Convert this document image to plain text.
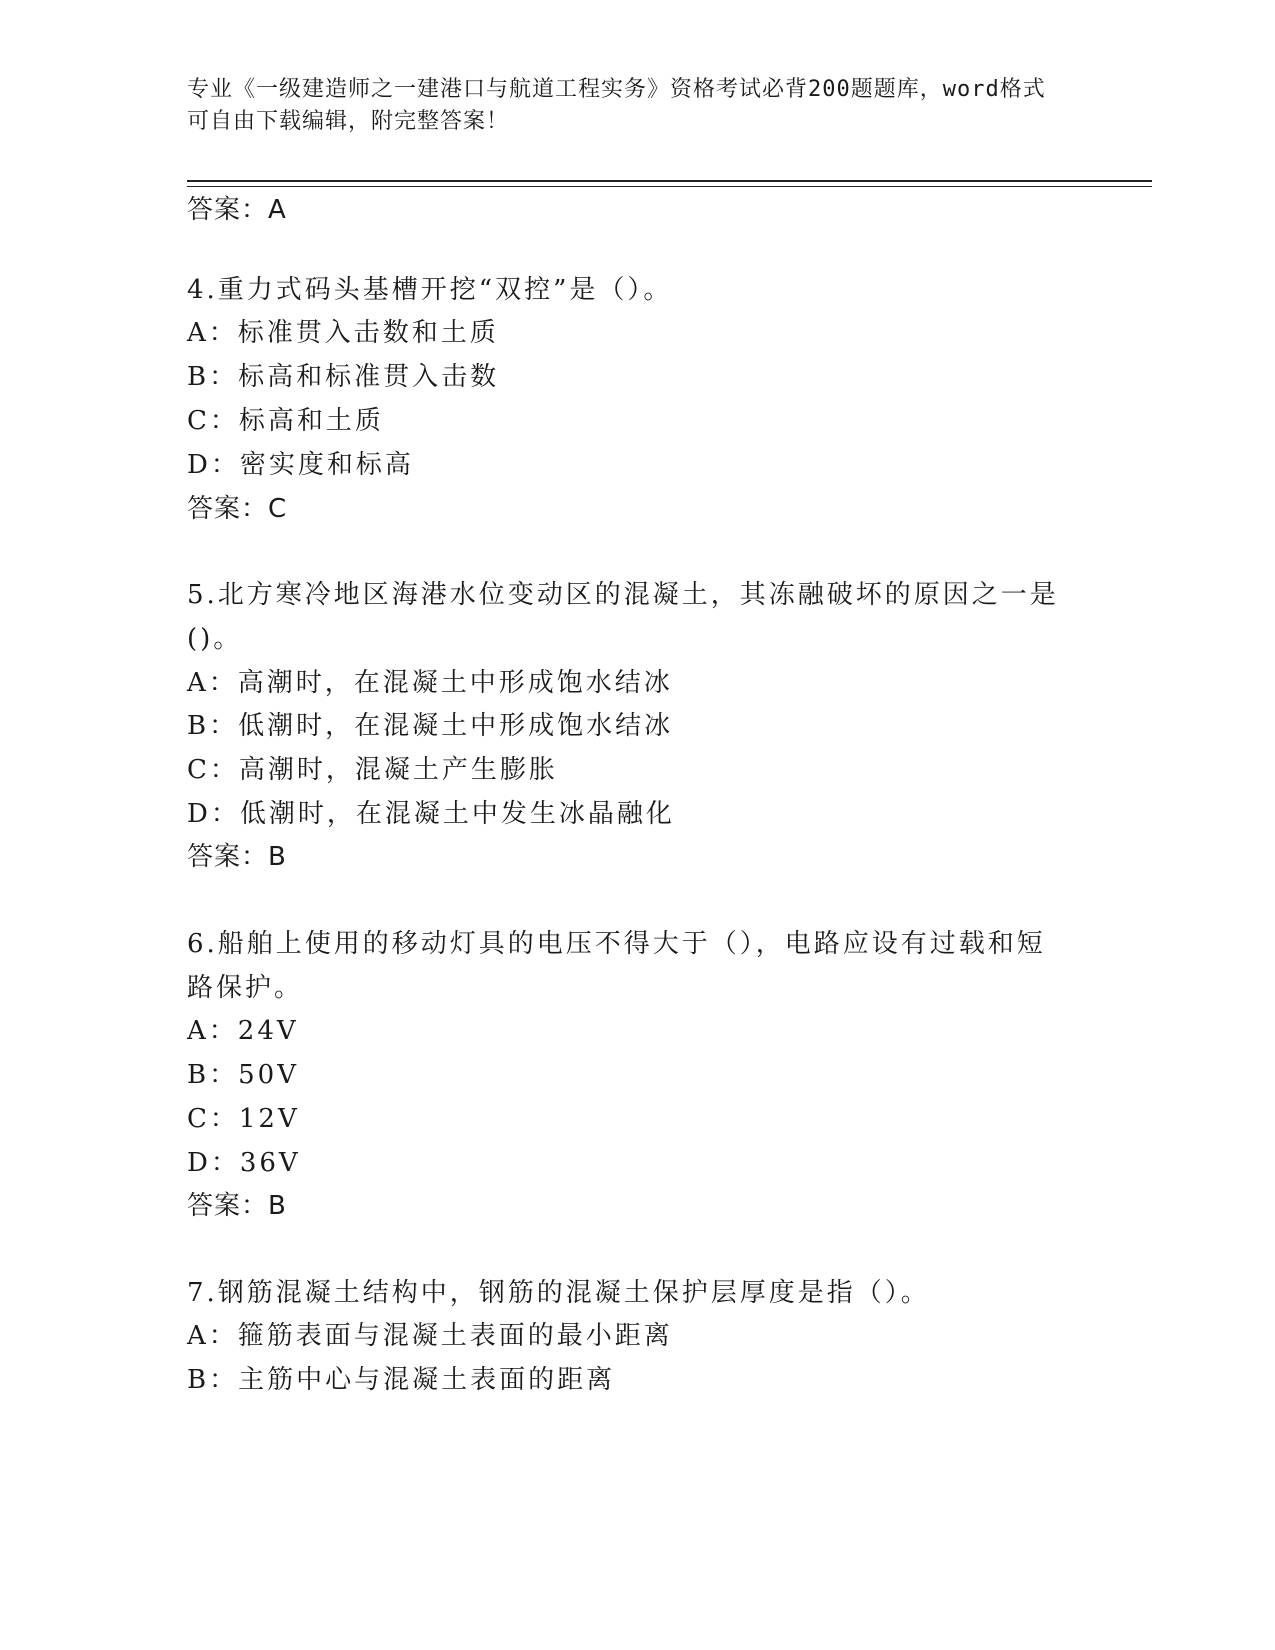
专业《一级建造师之一建港口与航道工程实务》资格考试必背200题题库，word格式可自由下载编辑，附完整答案！
答案：A
4.重力式码头基槽开挖“双控”是（）。
A：标准贯入击数和土质
B：标高和标准贯入击数
C：标高和土质
D：密实度和标高
答案：C
5.北方寒冷地区海港水位变动区的混凝土，其冻融破坏的原因之一是
()。
A：高潮时，在混凝土中形成饱水结冰
B：低潮时，在混凝土中形成饱水结冰
C：高潮时，混凝土产生膨胀
D：低潮时，在混凝土中发生冰晶融化
答案：B
6.船舶上使用的移动灯具的电压不得大于（），电路应设有过载和短
路保护。
A：24V
B：50V
C：12V
D：36V
答案：B
7.钢筋混凝土结构中，钢筋的混凝土保护层厚度是指（）。
A：箍筋表面与混凝土表面的最小距离
B：主筋中心与混凝土表面的距离
